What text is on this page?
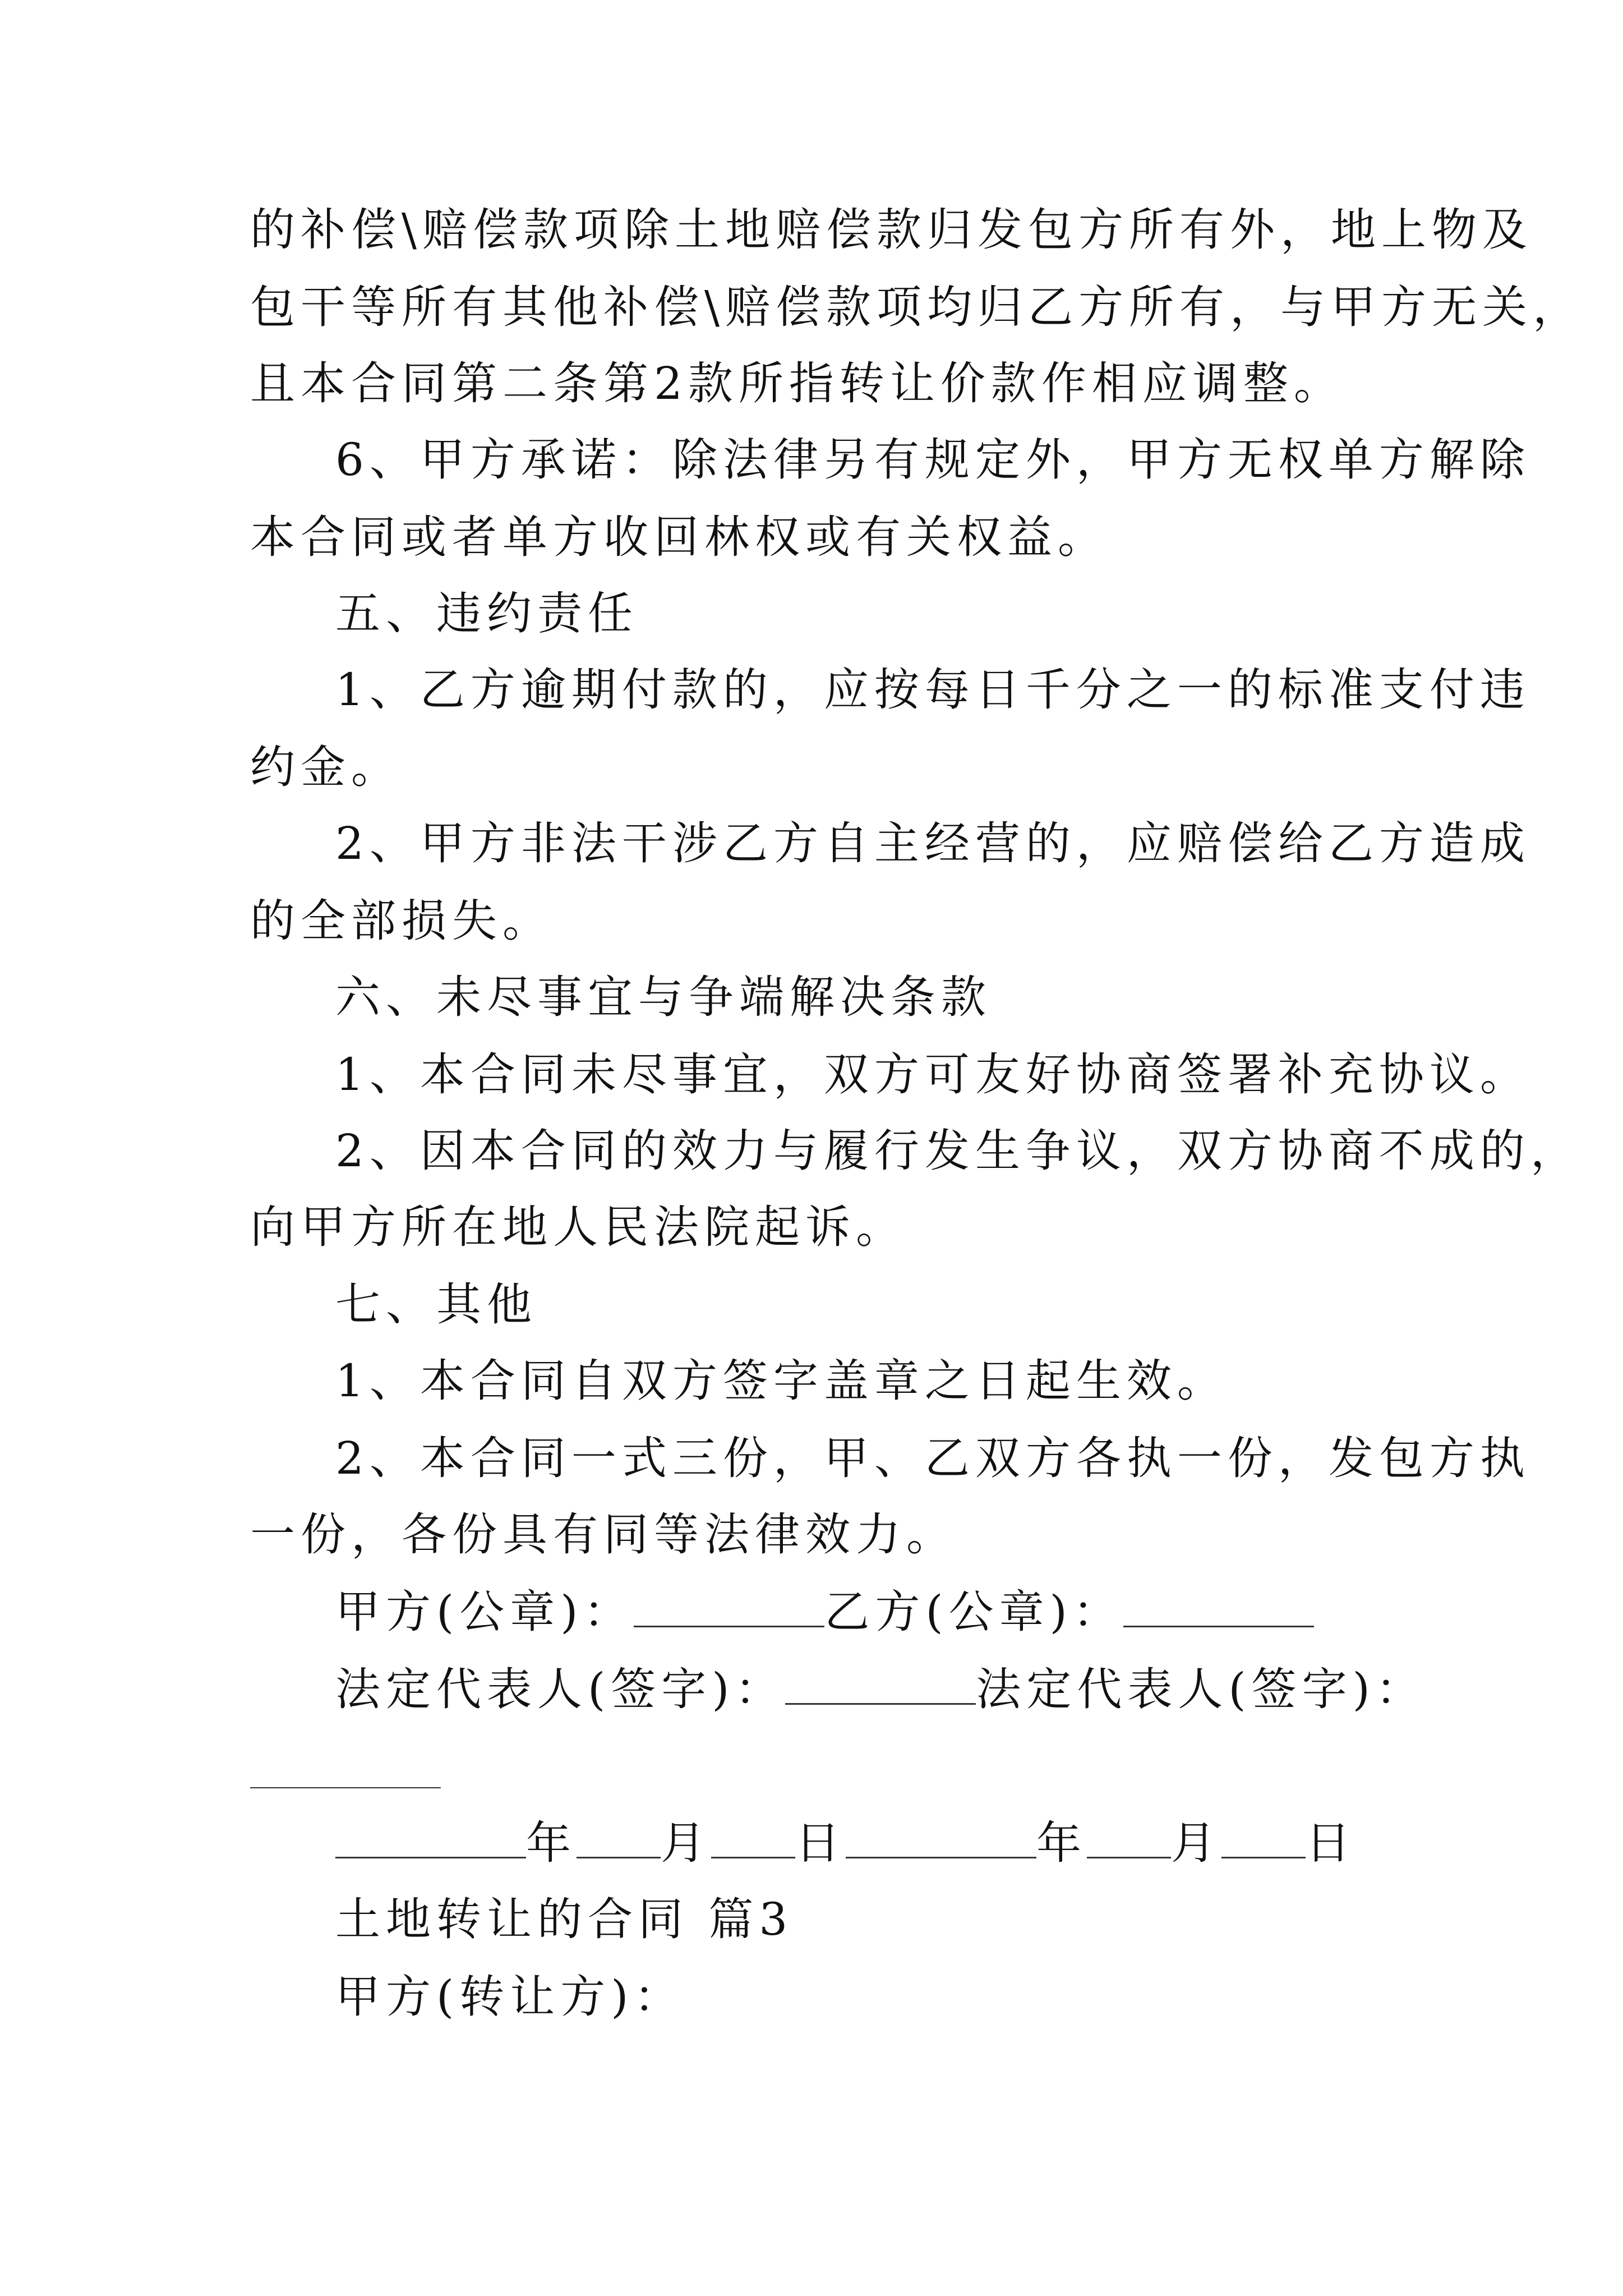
的补偿\赔偿款项除土地赔偿款归发包方所有外，地上物及
包干等所有其他补偿\赔偿款项均归乙方所有，与甲方无关，
且本合同第二条第2款所指转让价款作相应调整。
6、甲方承诺：除法律另有规定外，甲方无权单方解除
本合同或者单方收回林权或有关权益。
五、违约责任
1、乙方逾期付款的，应按每日千分之一的标准支付违
约金。
2、甲方非法干涉乙方自主经营的，应赔偿给乙方造成
的全部损失。
六、未尽事宜与争端解决条款
1、本合同未尽事宜，双方可友好协商签署补充协议。
2、因本合同的效力与履行发生争议，双方协商不成的，
向甲方所在地人民法院起诉。
七、其他
1、本合同自双方签字盖章之日起生效。
2、本合同一式三份，甲、乙双方各执一份，发包方执
一份，各份具有同等法律效力。
甲方(公章)：	乙方(公章)：
法定代表人(签字)：	法定代表人(签字)：
年 月 日	年 月 日
土地转让的合同 篇3
甲方(转让方)：
